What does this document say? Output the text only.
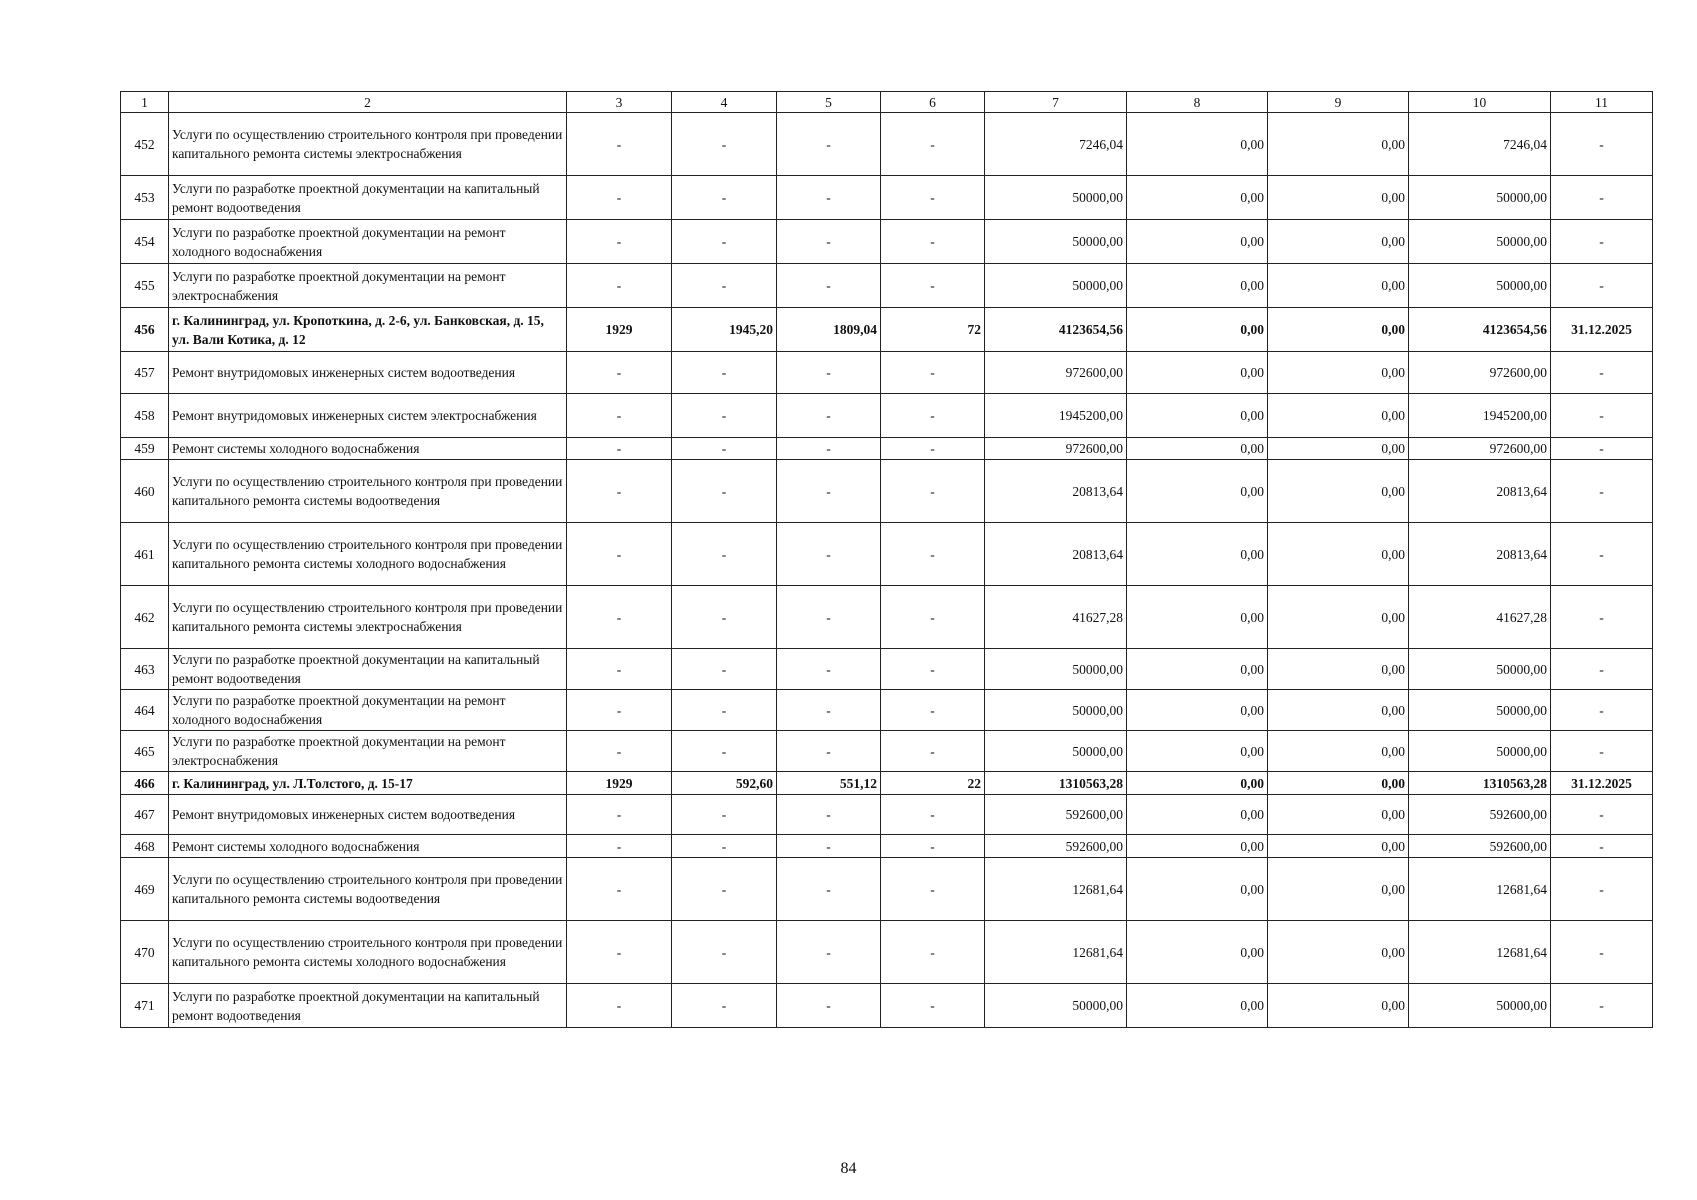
1	2	3	4	5	6	7	8	9	10	11
452	Услуги по осуществлению строительного контроля при проведении капитального ремонта системы электроснабжения	-	-	-	-	7246,04	0,00	0,00	7246,04	-
453	Услуги по разработке проектной документации на капитальный ремонт водоотведения	-	-	-	-	50000,00	0,00	0,00	50000,00	-
454	Услуги по разработке проектной документации на ремонт холодного водоснабжения	-	-	-	-	50000,00	0,00	0,00	50000,00	-
455	Услуги по разработке проектной документации на ремонт электроснабжения	-	-	-	-	50000,00	0,00	0,00	50000,00	-
456	г. Калининград, ул. Кропоткина, д. 2-6, ул. Банковская, д. 15, ул. Вали Котика, д. 12	1929	1945,20	1809,04	72	4123654,56	0,00	0,00	4123654,56	31.12.2025
457	Ремонт внутридомовых инженерных систем водоотведения	-	-	-	-	972600,00	0,00	0,00	972600,00	-
458	Ремонт внутридомовых инженерных систем электроснабжения	-	-	-	-	1945200,00	0,00	0,00	1945200,00	-
459	Ремонт системы холодного водоснабжения	-	-	-	-	972600,00	0,00	0,00	972600,00	-
460	Услуги по осуществлению строительного контроля при проведении капитального ремонта системы водоотведения	-	-	-	-	20813,64	0,00	0,00	20813,64	-
461	Услуги по осуществлению строительного контроля при проведении капитального ремонта системы холодного водоснабжения	-	-	-	-	20813,64	0,00	0,00	20813,64	-
462	Услуги по осуществлению строительного контроля при проведении капитального ремонта системы электроснабжения	-	-	-	-	41627,28	0,00	0,00	41627,28	-
463	Услуги по разработке проектной документации на капитальный ремонт водоотведения	-	-	-	-	50000,00	0,00	0,00	50000,00	-
464	Услуги по разработке проектной документации на ремонт холодного водоснабжения	-	-	-	-	50000,00	0,00	0,00	50000,00	-
465	Услуги по разработке проектной документации на ремонт электроснабжения	-	-	-	-	50000,00	0,00	0,00	50000,00	-
466	г. Калининград, ул. Л.Толстого, д. 15-17	1929	592,60	551,12	22	1310563,28	0,00	0,00	1310563,28	31.12.2025
467	Ремонт внутридомовых инженерных систем водоотведения	-	-	-	-	592600,00	0,00	0,00	592600,00	-
468	Ремонт системы холодного водоснабжения	-	-	-	-	592600,00	0,00	0,00	592600,00	-
469	Услуги по осуществлению строительного контроля при проведении капитального ремонта системы водоотведения	-	-	-	-	12681,64	0,00	0,00	12681,64	-
470	Услуги по осуществлению строительного контроля при проведении капитального ремонта системы холодного водоснабжения	-	-	-	-	12681,64	0,00	0,00	12681,64	-
471	Услуги по разработке проектной документации на капитальный ремонт водоотведения	-	-	-	-	50000,00	0,00	0,00	50000,00	-
84
